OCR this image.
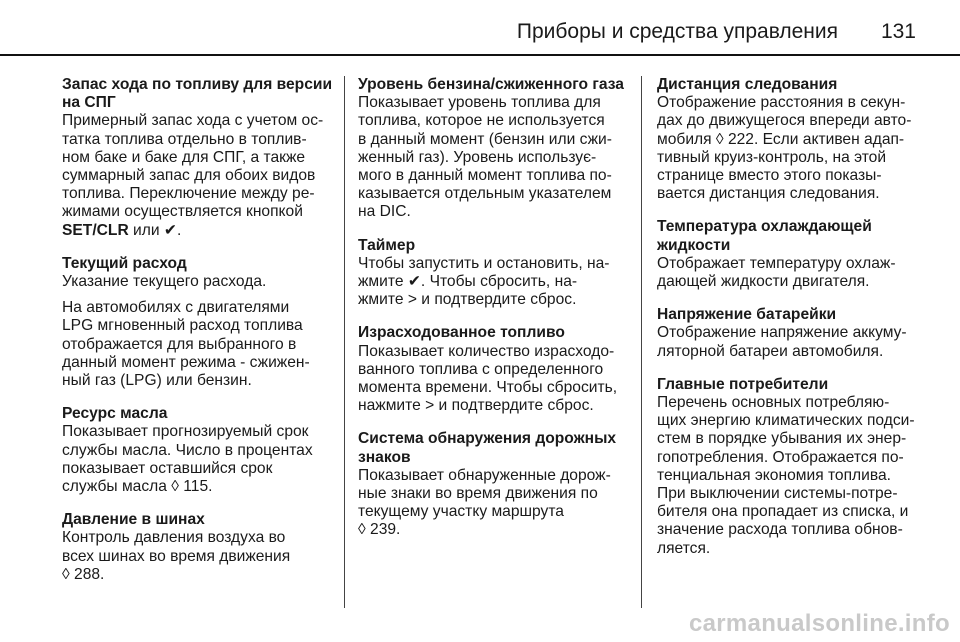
Приборы и средства управления 131
Запас хода по топливу для версии
на СПГ
Примерный запас хода с учетом ос-
татка топлива отдельно в топлив-
ном баке и баке для СПГ, а также
суммарный запас для обоих видов
топлива. Переключение между ре-
жимами осуществляется кнопкой
SET/CLR или ✔.
Текущий расход
Указание текущего расхода.
На автомобилях с двигателями
LPG мгновенный расход топлива
отображается для выбранного в
данный момент режима - сжижен-
ный газ (LPG) или бензин.
Ресурс масла
Показывает прогнозируемый срок
службы масла. Число в процентах
показывает оставшийся срок
службы масла ◊ 115.
Давление в шинах
Контроль давления воздуха во
всех шинах во время движения
◊ 288.
Уровень бензина/сжиженного газа
Показывает уровень топлива для
топлива, которое не используется
в данный момент (бензин или сжи-
женный газ). Уровень использує-
мого в данный момент топлива по-
казывается отдельным указателем
на DIC.
Таймер
Чтобы запустить и остановить, на-
жмите ✔. Чтобы сбросить, на-
жмите > и подтвердите сброс.
Израсходованное топливо
Показывает количество израсходо-
ванного топлива с определенного
момента времени. Чтобы сбросить,
нажмите > и подтвердите сброс.
Система обнаружения дорожных
знаков
Показывает обнаруженные дорож-
ные знаки во время движения по
текущему участку маршрута
◊ 239.
Дистанция следования
Отображение расстояния в секун-
дах до движущегося впереди авто-
мобиля ◊ 222. Если активен адап-
тивный круиз-контроль, на этой
странице вместо этого показы-
вается дистанция следования.
Температура охлаждающей
жидкости
Отображает температуру охлаж-
дающей жидкости двигателя.
Напряжение батарейки
Отображение напряжение аккуму-
ляторной батареи автомобиля.
Главные потребители
Перечень основных потребляю-
щих энергию климатических подси-
стем в порядке убывания их энер-
гопотребления. Отображается по-
тенциальная экономия топлива.
При выключении системы-потре-
бителя она пропадает из списка, и
значение расхода топлива обнов-
ляется.
carmanualsonline.info
